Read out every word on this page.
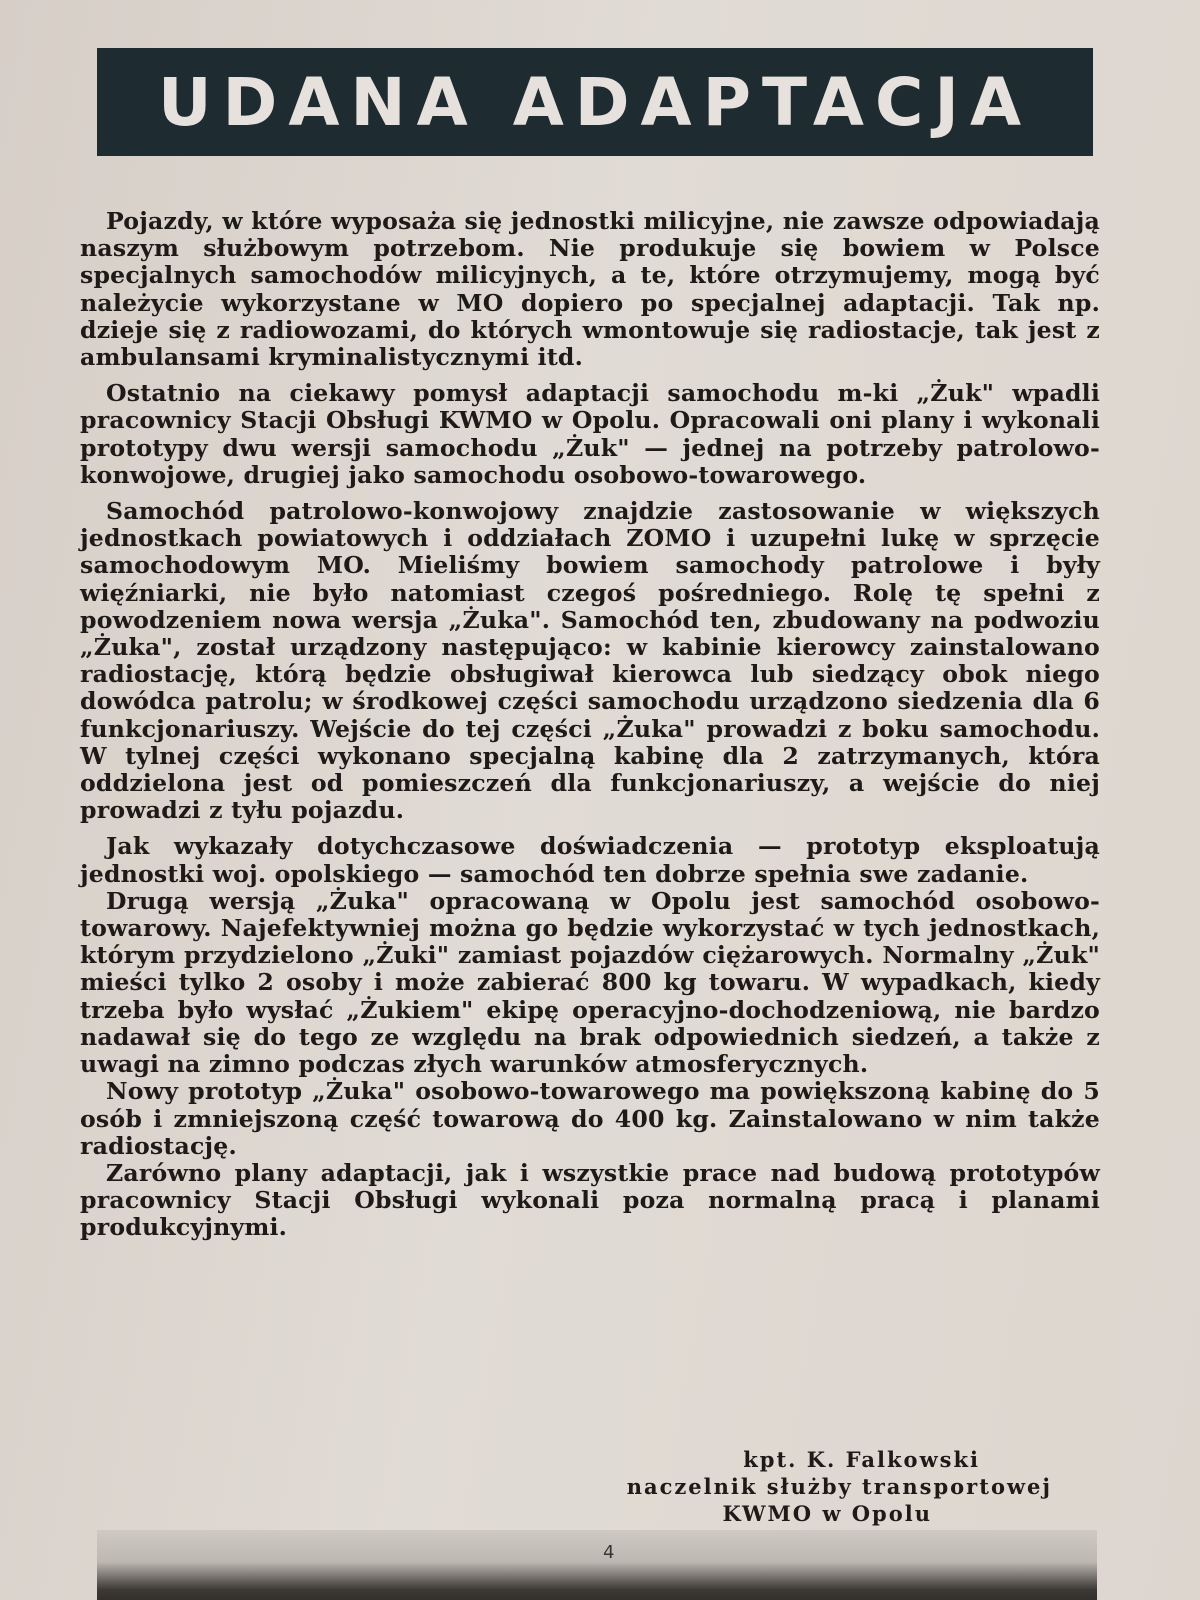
UDANA ADAPTACJA

Pojazdy, w które wyposaża się jednostki milicyjne, nie zawsze odpowiadają naszym służbowym potrzebom. Nie produkuje się bowiem w Polsce specjalnych samochodów milicyjnych, a te, które otrzymujemy, mogą być należycie wykorzystane w MO dopiero po specjalnej adaptacji. Tak np. dzieje się z radiowozami, do których wmontowuje się radiostacje, tak jest z ambulansami kryminalistycznymi itd.

Ostatnio na ciekawy pomysł adaptacji samochodu m-ki „Żuk" wpadli pracownicy Stacji Obsługi KWMO w Opolu. Opracowali oni plany i wykonali prototypy dwu wersji samochodu „Żuk" — jednej na potrzeby patrolowo-konwojowe, drugiej jako samochodu osobowo-towarowego.

Samochód patrolowo-konwojowy znajdzie zastosowanie w większych jednostkach powiatowych i oddziałach ZOMO i uzupełni lukę w sprzęcie samochodowym MO. Mieliśmy bowiem samochody patrolowe i były więźniarki, nie było natomiast czegoś pośredniego. Rolę tę spełni z powodzeniem nowa wersja „Żuka". Samochód ten, zbudowany na podwoziu „Żuka", został urządzony następująco: w kabinie kierowcy zainstalowano radiostację, którą będzie obsługiwał kierowca lub siedzący obok niego dowódca patrolu; w środkowej części samochodu urządzono siedzenia dla 6 funkcjonariuszy. Wejście do tej części „Żuka" prowadzi z boku samochodu. W tylnej części wykonano specjalną kabinę dla 2 zatrzymanych, która oddzielona jest od pomieszczeń dla funkcjonariuszy, a wejście do niej prowadzi z tyłu pojazdu.

Jak wykazały dotychczasowe doświadczenia — prototyp eksploatują jednostki woj. opolskiego — samochód ten dobrze spełnia swe zadanie.

Drugą wersją „Żuka" opracowaną w Opolu jest samochód osobowo-towarowy. Najefektywniej można go będzie wykorzystać w tych jednostkach, którym przydzielono „Żuki" zamiast pojazdów ciężarowych. Normalny „Żuk" mieści tylko 2 osoby i może zabierać 800 kg towaru. W wypadkach, kiedy trzeba było wysłać „Żukiem" ekipę operacyjno-dochodzeniową, nie bardzo nadawał się do tego ze względu na brak odpowiednich siedzeń, a także z uwagi na zimno podczas złych warunków atmosferycznych.

Nowy prototyp „Żuka" osobowo-towarowego ma powiększoną kabinę do 5 osób i zmniejszoną część towarową do 400 kg. Zainstalowano w nim także radiostację.

Zarówno plany adaptacji, jak i wszystkie prace nad budową prototypów pracownicy Stacji Obsługi wykonali poza normalną pracą i planami produkcyjnymi.

kpt. K. Falkowski
naczelnik służby transportowej
KWMO w Opolu
4
